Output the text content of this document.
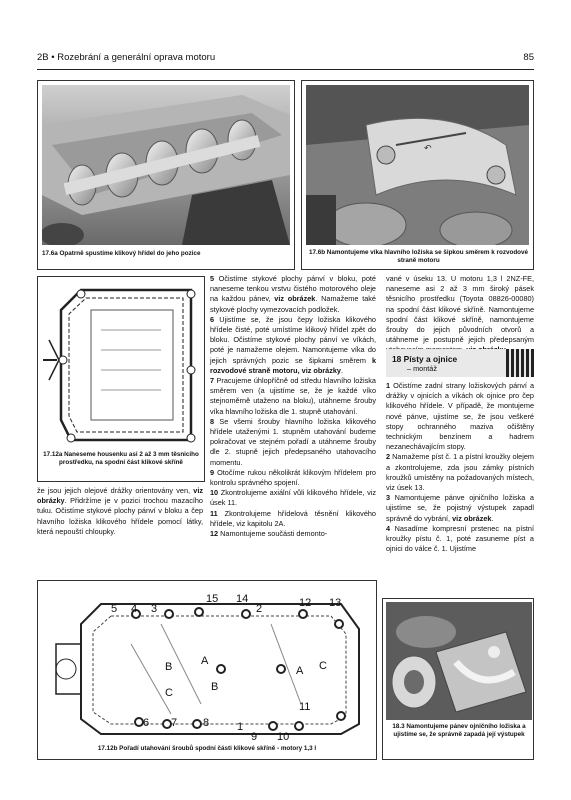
2B • Rozebrání a generální oprava motoru	85
17.6a Opatrně spustíme klikový hřídel do jeho pozice
↶
17.6b Namontujeme víka hlavního ložiska se šipkou směrem k rozvodové straně motoru
17.12a Naneseme housenku asi 2 až 3 mm těsnicího prostředku, na spodní část klikové skříně

že jsou jejich olejové drážky orientovány ven, viz obrázky. Přidržíme je v pozici trochou mazacího tuku. Očistíme stykové plochy pánví v bloku a čep hlavního ložiska klikového hřídele pomocí látky, která nepouští chloupky.

5 Očistíme stykové plochy pánví v bloku, poté naneseme tenkou vrstvu čistého motorového oleje na každou pánev, viz obrázek. Namažeme také stykové plochy vymezovacích podložek.

6 Ujistíme se, že jsou čepy ložiska klikového hřídele čisté, poté umístíme klikový hřídel zpět do bloku. Očistíme stykové plochy pánví ve víkách, poté je namažeme olejem. Namontujeme víka do jejich správných pozic se šipkami směrem k rozvodové straně motoru, viz obrázky.

7 Pracujeme úhlopříčně od středu hlavního ložiska směrem ven (a ujistíme se, že je každé víko stejnoměrně utaženo na bloku), utáhneme šrouby víka hlavního ložiska dle 1. stupně utahování.

8 Se všemi šrouby hlavního ložiska klikového hřídele utaženými 1. stupněm utahování budeme pokračovat ve stejném pořadí a utáhneme šrouby dle 2. stupně jejich předepsaného utahovacího momentu.

9 Otočíme rukou několikrát klikovým hřídelem pro kontrolu správného spojení.

10 Zkontrolujeme axiální vůli klikového hřídele, viz úsek 11.

11 Zkontrolujeme hřídelová těsnění klikového hřídele, viz kapitolu 2A.

12 Namontujeme součásti demonto-

vané v úseku 13. U motoru 1,3 l 2NZ-FE, naneseme asi 2 až 3 mm široký pásek těsnicího prostředku (Toyota 08826-00080) na spodní část klikové skříně. Namontujeme spodní část klikové skříně, namontujeme šrouby do jejich původních otvorů a utáhneme je postupně jejich předepsaným

18 Písty a ojnice
– montáž

1 Očistíme zadní strany ložiskových pánví a drážky v ojnicích a víkách ok ojnice pro čep klikového hřídele. V případě, že montujeme nové pánve, ujistíme se, že jsou veškeré stopy ochranného maziva očištěny technickým benzínem a hadrem nezanechávajícím stopy.

2 Namažeme píst č. 1 a pístní kroužky olejem a zkontrolujeme, zda jsou zámky pístních kroužků umístěny na požadovaných místech, viz úsek 13.

3 Namontujeme pánve ojničního ložiska a ujistíme se, že pojistný výstupek zapadl správně do vybrání, viz obrázek.

4 Nasadíme kompresní prstenec na pístní kroužky pístu č. 1, poté zasuneme píst a ojnici do válce č. 1. Ujistíme

5 4 3
15 14
2	12 13
B	A
B
C
A C
6 7 8	1
9 10
11
17.12b Pořadí utahování šroubů spodní části klikové skříně - motory 1,3 l
18.3 Namontujeme pánev ojničního ložiska a ujistíme se, že správně zapadá její výstupek
